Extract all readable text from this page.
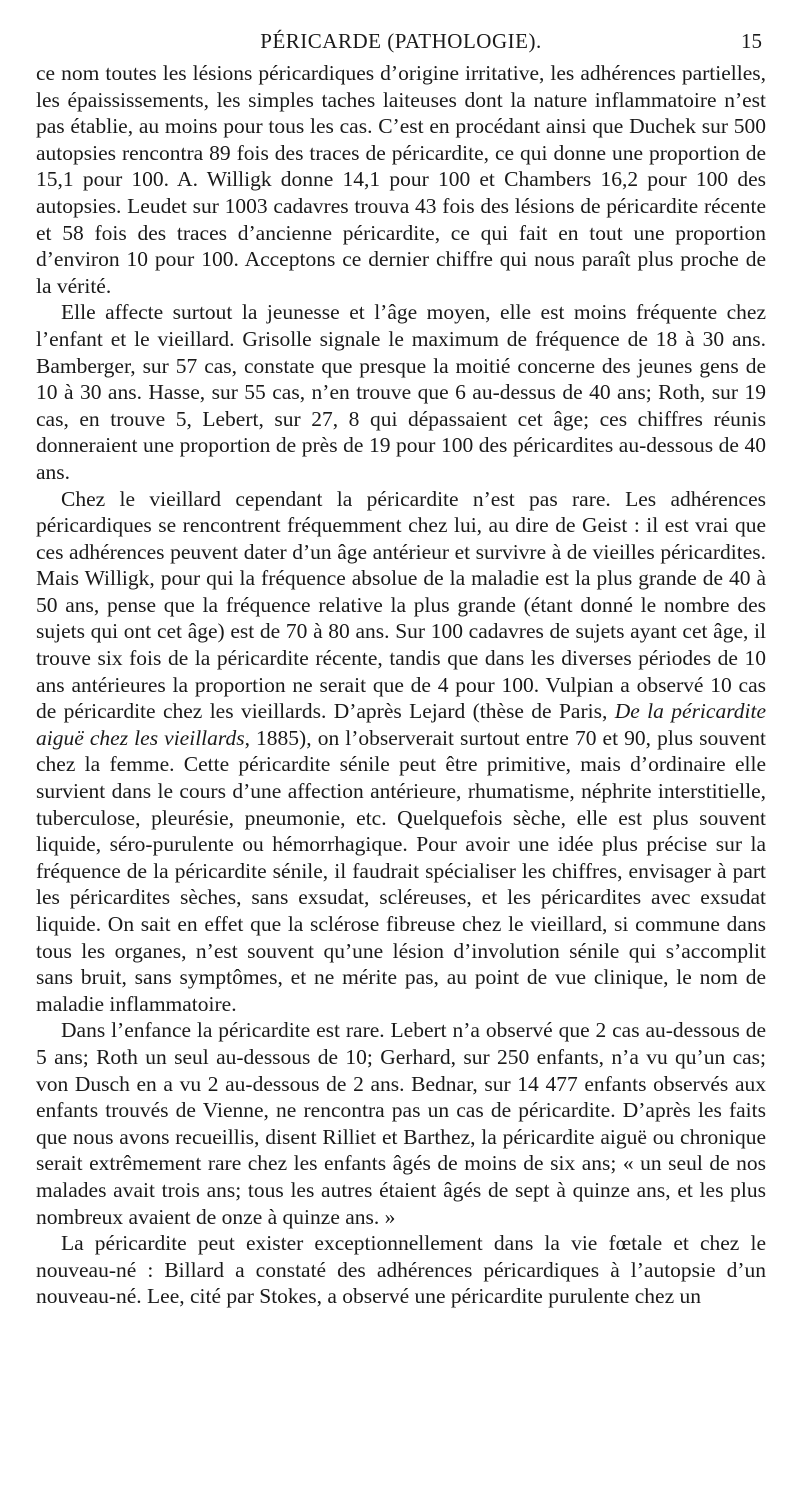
PÉRICARDE (PATHOLOGIE).	15

ce nom toutes les lésions péricardiques d’origine irritative, les adhérences partielles, les épaississements, les simples taches laiteuses dont la nature inflammatoire n’est pas établie, au moins pour tous les cas. C’est en procédant ainsi que Duchek sur 500 autopsies rencontra 89 fois des traces de péricardite, ce qui donne une proportion de 15,1 pour 100. A. Willigk donne 14,1 pour 100 et Chambers 16,2 pour 100 des autopsies. Leudet sur 1003 cadavres trouva 43 fois des lésions de péricardite récente et 58 fois des traces d’ancienne péricardite, ce qui fait en tout une proportion d’environ 10 pour 100. Acceptons ce dernier chiffre qui nous paraît plus proche de la vérité.

Elle affecte surtout la jeunesse et l’âge moyen, elle est moins fréquente chez l’enfant et le vieillard. Grisolle signale le maximum de fréquence de 18 à 30 ans. Bamberger, sur 57 cas, constate que presque la moitié concerne des jeunes gens de 10 à 30 ans. Hasse, sur 55 cas, n’en trouve que 6 au-dessus de 40 ans; Roth, sur 19 cas, en trouve 5, Lebert, sur 27, 8 qui dépassaient cet âge; ces chiffres réunis donneraient une proportion de près de 19 pour 100 des péricardites au-dessous de 40 ans.

Chez le vieillard cependant la péricardite n’est pas rare. Les adhérences péricardiques se rencontrent fréquemment chez lui, au dire de Geist : il est vrai que ces adhérences peuvent dater d’un âge antérieur et survivre à de vieilles péricardites. Mais Willigk, pour qui la fréquence absolue de la maladie est la plus grande de 40 à 50 ans, pense que la fréquence relative la plus grande (étant donné le nombre des sujets qui ont cet âge) est de 70 à 80 ans. Sur 100 cadavres de sujets ayant cet âge, il trouve six fois de la péricardite récente, tandis que dans les diverses périodes de 10 ans antérieures la proportion ne serait que de 4 pour 100. Vulpian a observé 10 cas de péricardite chez les vieillards. D’après Lejard (thèse de Paris, De la péricardite aiguë chez les vieillards, 1885), on l’observerait surtout entre 70 et 90, plus souvent chez la femme. Cette péricardite sénile peut être primitive, mais d’ordinaire elle survient dans le cours d’une affection antérieure, rhumatisme, néphrite interstitielle, tuberculose, pleurésie, pneumonie, etc. Quelquefois sèche, elle est plus souvent liquide, séro-purulente ou hémorrhagique. Pour avoir une idée plus précise sur la fréquence de la péricardite sénile, il faudrait spécialiser les chiffres, envisager à part les péricardites sèches, sans exsudat, scléreuses, et les péricardites avec exsudat liquide. On sait en effet que la sclérose fibreuse chez le vieillard, si commune dans tous les organes, n’est souvent qu’une lésion d’involution sénile qui s’accomplit sans bruit, sans symptômes, et ne mérite pas, au point de vue clinique, le nom de maladie inflammatoire.

Dans l’enfance la péricardite est rare. Lebert n’a observé que 2 cas au-dessous de 5 ans; Roth un seul au-dessous de 10; Gerhard, sur 250 enfants, n’a vu qu’un cas; von Dusch en a vu 2 au-dessous de 2 ans. Bednar, sur 14 477 enfants observés aux enfants trouvés de Vienne, ne rencontra pas un cas de péricardite. D’après les faits que nous avons recueillis, disent Rilliet et Barthez, la péricardite aiguë ou chronique serait extrêmement rare chez les enfants âgés de moins de six ans; « un seul de nos malades avait trois ans; tous les autres étaient âgés de sept à quinze ans, et les plus nombreux avaient de onze à quinze ans. »

La péricardite peut exister exceptionnellement dans la vie fœtale et chez le nouveau-né : Billard a constaté des adhérences péricardiques à l’autopsie d’un nouveau-né. Lee, cité par Stokes, a observé une péricardite purulente chez un
